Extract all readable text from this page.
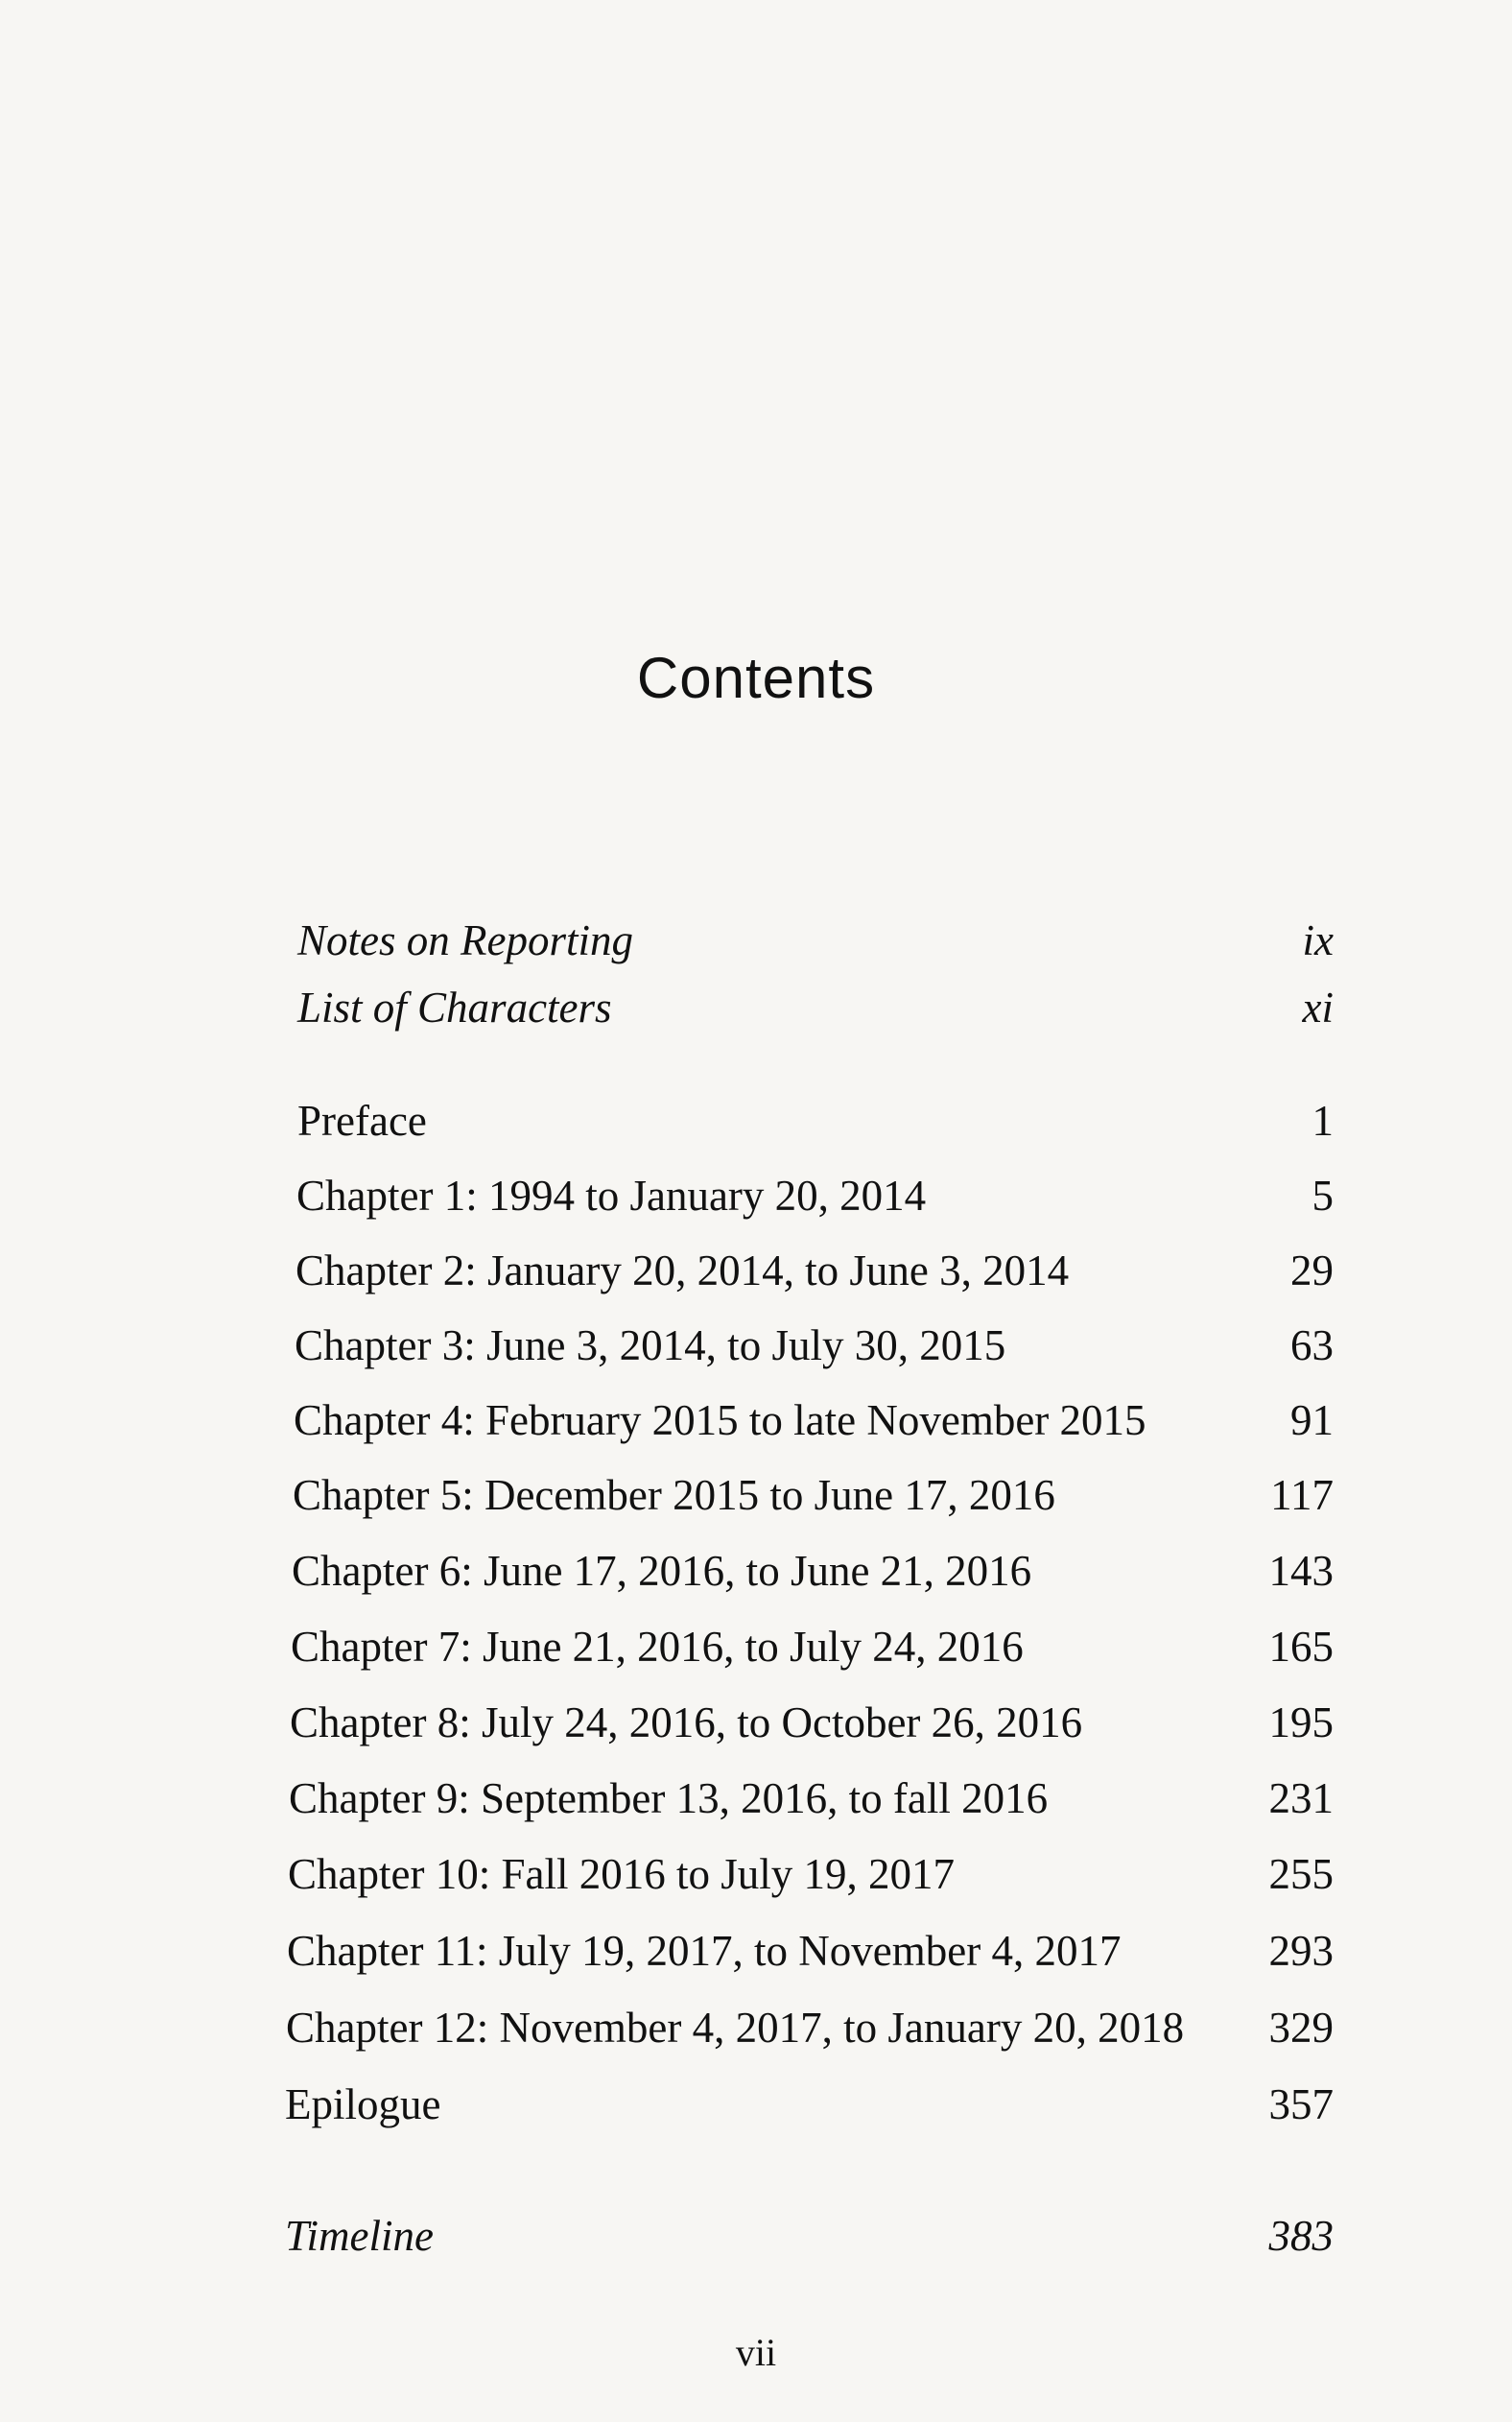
Contents
Notes on Reporting	ix
List of Characters	xi
Preface	1
Chapter 1: 1994 to January 20, 2014	5
Chapter 2: January 20, 2014, to June 3, 2014	29
Chapter 3: June 3, 2014, to July 30, 2015	63
Chapter 4: February 2015 to late November 2015	91
Chapter 5: December 2015 to June 17, 2016	117
Chapter 6: June 17, 2016, to June 21, 2016	143
Chapter 7: June 21, 2016, to July 24, 2016	165
Chapter 8: July 24, 2016, to October 26, 2016	195
Chapter 9: September 13, 2016, to fall 2016	231
Chapter 10: Fall 2016 to July 19, 2017	255
Chapter 11: July 19, 2017, to November 4, 2017	293
Chapter 12: November 4, 2017, to January 20, 2018 329
Epilogue	357
Timeline	383
vii
